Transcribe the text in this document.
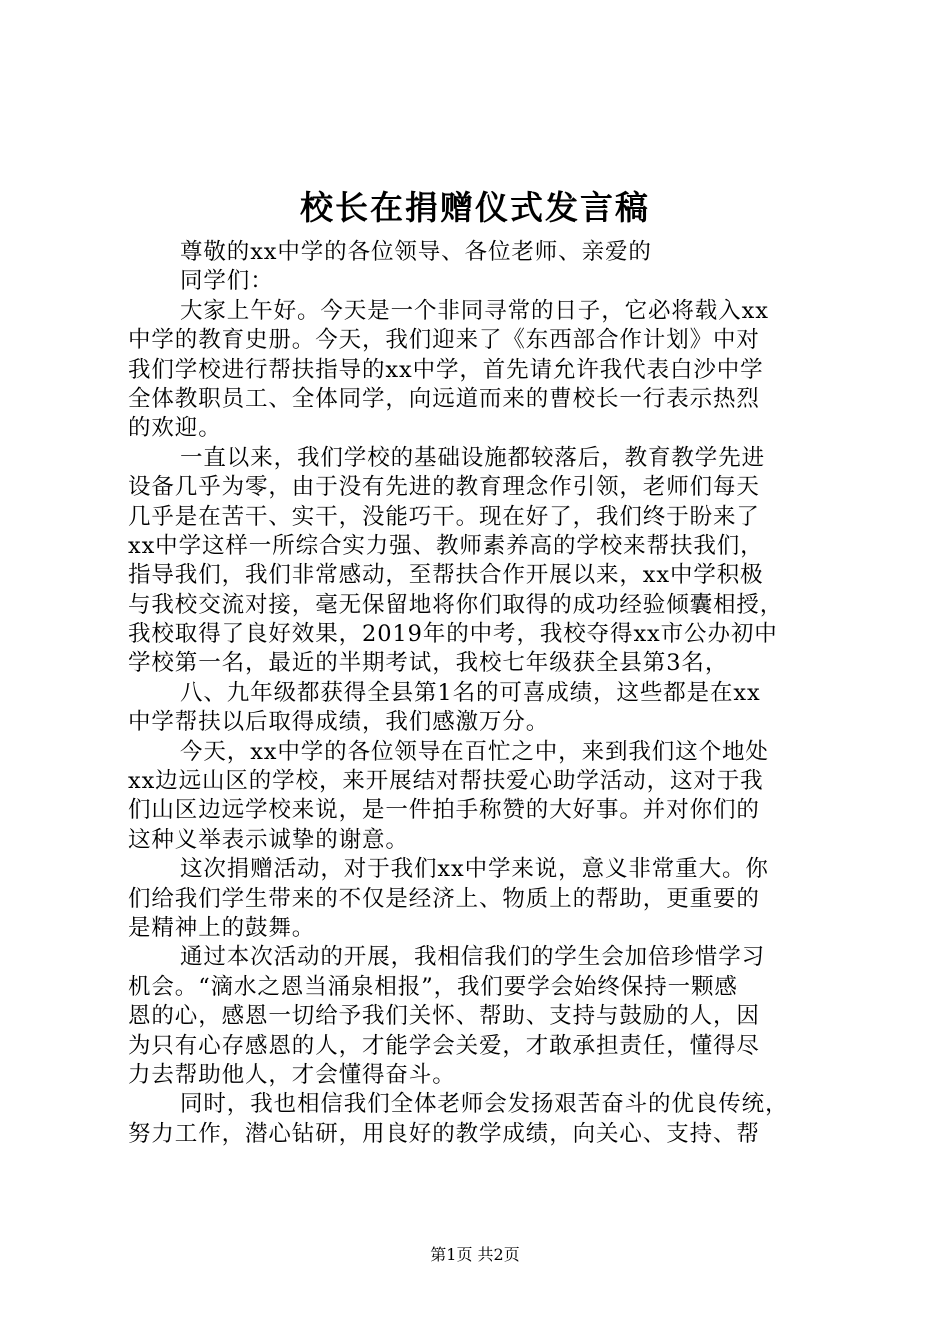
校长在捐赠仪式发言稿
尊敬的xx中学的各位领导、各位老师、亲爱的
同学们：
大家上午好。今天是一个非同寻常的日子，它必将载入xx
中学的教育史册。今天，我们迎来了《东西部合作计划》中对
我们学校进行帮扶指导的xx中学，首先请允许我代表白沙中学
全体教职员工、全体同学，向远道而来的曹校长一行表示热烈
的欢迎。
一直以来，我们学校的基础设施都较落后，教育教学先进
设备几乎为零，由于没有先进的教育理念作引领，老师们每天
几乎是在苦干、实干，没能巧干。现在好了，我们终于盼来了
xx中学这样一所综合实力强、教师素养高的学校来帮扶我们，
指导我们，我们非常感动，至帮扶合作开展以来，xx中学积极
与我校交流对接，毫无保留地将你们取得的成功经验倾囊相授，
我校取得了良好效果，2019年的中考，我校夺得xx市公办初中
学校第一名，最近的半期考试，我校七年级获全县第3名，
八、九年级都获得全县第1名的可喜成绩，这些都是在xx
中学帮扶以后取得成绩，我们感激万分。
今天，xx中学的各位领导在百忙之中，来到我们这个地处
xx边远山区的学校，来开展结对帮扶爱心助学活动，这对于我
们山区边远学校来说，是一件拍手称赞的大好事。并对你们的
这种义举表示诚挚的谢意。
这次捐赠活动，对于我们xx中学来说，意义非常重大。你
们给我们学生带来的不仅是经济上、物质上的帮助，更重要的
是精神上的鼓舞。
通过本次活动的开展，我相信我们的学生会加倍珍惜学习
机会。“滴水之恩当涌泉相报”，我们要学会始终保持一颗感
恩的心，感恩一切给予我们关怀、帮助、支持与鼓励的人，因
为只有心存感恩的人，才能学会关爱，才敢承担责任，懂得尽
力去帮助他人，才会懂得奋斗。
同时，我也相信我们全体老师会发扬艰苦奋斗的优良传统，
努力工作，潜心钻研，用良好的教学成绩，向关心、支持、帮
第1页 共2页
